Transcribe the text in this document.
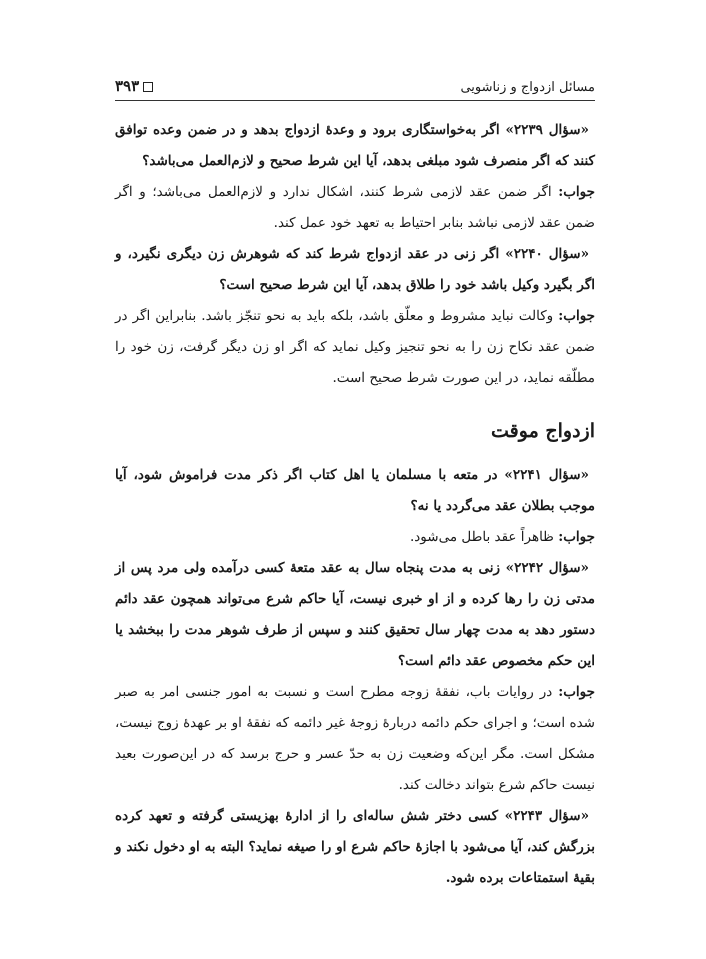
مسائل ازدواج و زناشویی
۳۹۳

«سؤال ۲۲۳۹» اگر به‌خواستگاری برود و وعدهٔ ازدواج بدهد و در ضمن وعده توافق کنند که اگر منصرف شود مبلغی بدهد، آیا این شرط صحیح و لازم‌العمل می‌باشد؟

جواب: اگر ضمن عقد لازمی شرط کنند، اشکال ندارد و لازم‌العمل می‌باشد؛ و اگر ضمن عقد لازمی نباشد بنابر احتیاط به تعهد خود عمل کند.

«سؤال ۲۲۴۰» اگر زنی در عقد ازدواج شرط کند که شوهرش زن دیگری نگیرد، و اگر بگیرد وکیل باشد خود را طلاق بدهد، آیا این شرط صحیح است؟

جواب: وکالت نباید مشروط و معلّق باشد، بلکه باید به نحو تنجّز باشد. بنابراین اگر در ضمن عقد نکاح زن را به نحو تنجیز وکیل نماید که اگر او زن دیگر گرفت، زن خود را مطلّقه نماید، در این صورت شرط صحیح است.

ازدواج موقت

«سؤال ۲۲۴۱» در متعه با مسلمان یا اهل کتاب اگر ذکر مدت فراموش شود، آیا موجب بطلان عقد می‌گردد یا نه؟

جواب: ظاهراً عقد باطل می‌شود.

«سؤال ۲۲۴۲» زنی به مدت پنجاه سال به عقد متعهٔ کسی درآمده ولی مرد پس از مدتی زن را رها کرده و از او خبری نیست، آیا حاکم شرع می‌تواند همچون عقد دائم دستور دهد به مدت چهار سال تحقیق کنند و سپس از طرف شوهر مدت را ببخشد یا این حکم مخصوص عقد دائم است؟

جواب: در روایات باب، نفقهٔ زوجه مطرح است و نسبت به امور جنسی امر به صبر شده است؛ و اجرای حکم دائمه دربارهٔ زوجهٔ غیر دائمه که نفقهٔ او بر عهدهٔ زوج نیست، مشکل است. مگر این‌که وضعیت زن به حدّ عسر و حرج برسد که در این‌صورت بعید نیست حاکم شرع بتواند دخالت کند.

«سؤال ۲۲۴۳» کسی دختر شش ساله‌ای را از ادارهٔ بهزیستی گرفته و تعهد کرده بزرگش کند، آیا می‌شود با اجازهٔ حاکم شرع او را صیغه نماید؟ البته به او دخول نکند و بقیهٔ استمتاعات برده شود.
